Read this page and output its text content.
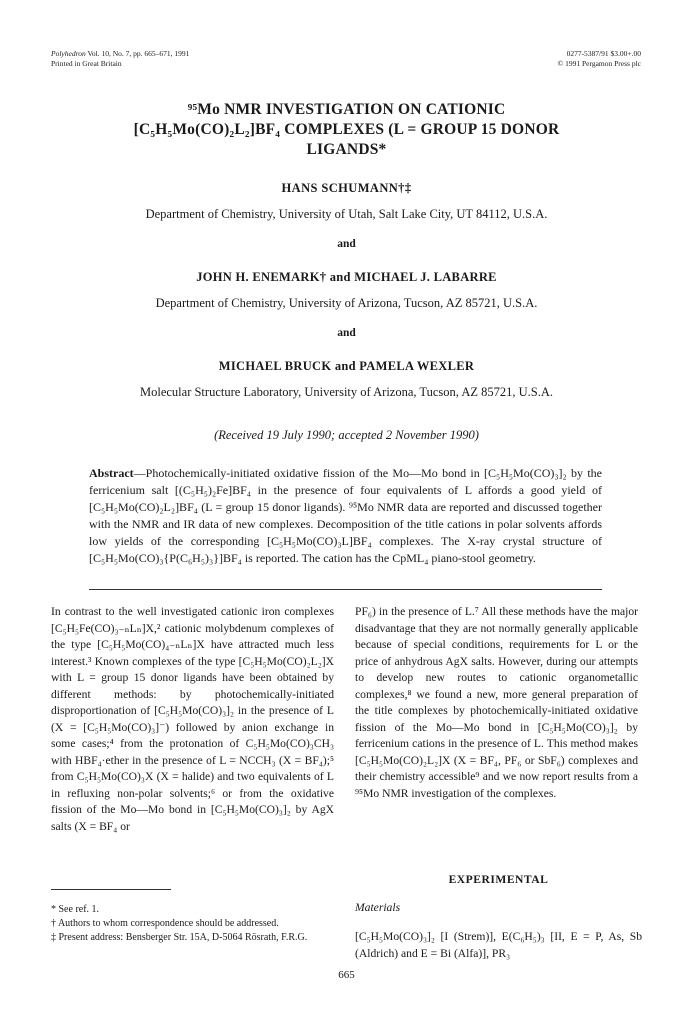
Polyhedron Vol. 10, No. 7, pp. 665–671, 1991
Printed in Great Britain
0277-5387/91 $3.00+.00
© 1991 Pergamon Press plc
⁹⁵Mo NMR INVESTIGATION ON CATIONIC
[C₅H₅Mo(CO)₂L₂]BF₄ COMPLEXES (L = GROUP 15 DONOR
LIGANDS*
HANS SCHUMANN†‡
Department of Chemistry, University of Utah, Salt Lake City, UT 84112, U.S.A.
and
JOHN H. ENEMARK† and MICHAEL J. LABARRE
Department of Chemistry, University of Arizona, Tucson, AZ 85721, U.S.A.
and
MICHAEL BRUCK and PAMELA WEXLER
Molecular Structure Laboratory, University of Arizona, Tucson, AZ 85721, U.S.A.
(Received 19 July 1990; accepted 2 November 1990)
Abstract—Photochemically-initiated oxidative fission of the Mo—Mo bond in [C₅H₅Mo(CO)₃]₂ by the ferricenium salt [(C₅H₅)₂Fe]BF₄ in the presence of four equivalents of L affords a good yield of [C₅H₅Mo(CO)₂L₂]BF₄ (L = group 15 donor ligands). ⁹⁵Mo NMR data are reported and discussed together with the NMR and IR data of new complexes. Decomposition of the title cations in polar solvents affords low yields of the corresponding [C₅H₅Mo(CO)₃L]BF₄ complexes. The X-ray crystal structure of [C₅H₅Mo(CO)₃{P(C₆H₅)₃}]BF₄ is reported. The cation has the CpML₄ piano-stool geometry.
In contrast to the well investigated cationic iron complexes [C₅H₅Fe(CO)₃₋ₙLₙ]X,² cationic molybdenum complexes of the type [C₅H₅Mo(CO)₄₋ₙLₙ]X have attracted much less interest.³ Known complexes of the type [C₅H₅Mo(CO)₂L₂]X with L = group 15 donor ligands have been obtained by different methods: by photochemically-initiated disproportionation of [C₅H₅Mo(CO)₃]₂ in the presence of L (X = [C₅H₅Mo(CO)₃]⁻) followed by anion exchange in some cases;⁴ from the protonation of C₅H₅Mo(CO)₃CH₃ with HBF₄·ether in the presence of L = NCCH₃ (X = BF₄);⁵ from C₅H₅Mo(CO)₃X (X = halide) and two equivalents of L in refluxing non-polar solvents;⁶ or from the oxidative fission of the Mo—Mo bond in [C₅H₅Mo(CO)₃]₂ by AgX salts (X = BF₄ or
PF₆) in the presence of L.⁷ All these methods have the major disadvantage that they are not normally generally applicable because of special conditions, requirements for L or the price of anhydrous AgX salts. However, during our attempts to develop new routes to cationic organometallic complexes,⁸ we found a new, more general preparation of the title complexes by photochemically-initiated oxidative fission of the Mo—Mo bond in [C₅H₅Mo(CO)₃]₂ by ferricenium cations in the presence of L. This method makes [C₅H₅Mo(CO)₂L₂]X (X = BF₄, PF₆ or SbF₆) complexes and their chemistry accessible⁹ and we now report results from a ⁹⁵Mo NMR investigation of the complexes.
EXPERIMENTAL
Materials
[C₅H₅Mo(CO)₃]₂ [I (Strem)], E(C₆H₅)₃ [II, E = P, As, Sb (Aldrich) and E = Bi (Alfa)], PR₃
* See ref. 1.
† Authors to whom correspondence should be addressed.
‡ Present address: Bensberger Str. 15A, D-5064 Rösrath, F.R.G.
665
